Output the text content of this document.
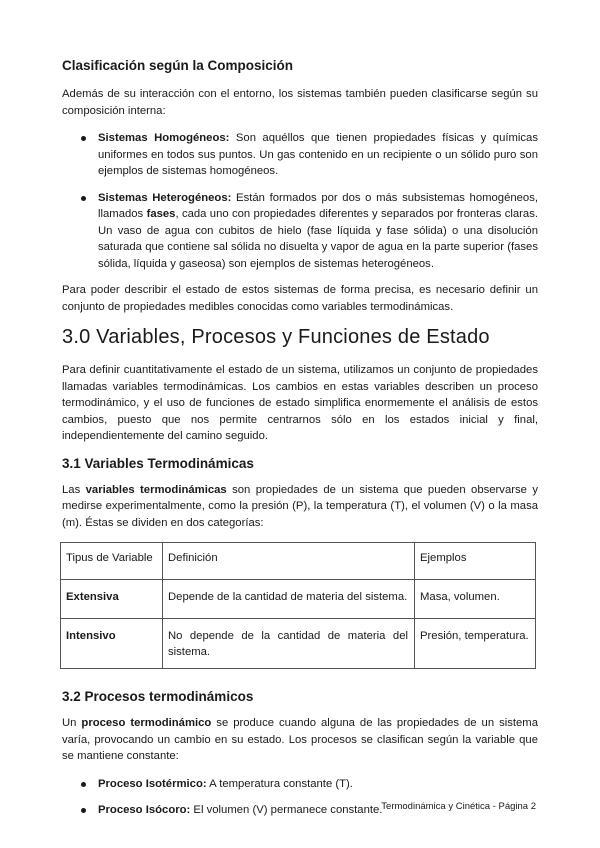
Clasificación según la Composición

Además de su interacción con el entorno, los sistemas también pueden clasificarse según su composición interna:

Sistemas Homogéneos: Son aquéllos que tienen propiedades físicas y químicas uniformes en todos sus puntos. Un gas contenido en un recipiente o un sólido puro son ejemplos de sistemas homogéneos.
Sistemas Heterogéneos: Están formados por dos o más subsistemas homogéneos, llamados fases, cada uno con propiedades diferentes y separados por fronteras claras. Un vaso de agua con cubitos de hielo (fase líquida y fase sólida) o una disolución saturada que contiene sal sólida no disuelta y vapor de agua en la parte superior (fases sólida, líquida y gaseosa) son ejemplos de sistemas heterogéneos.

Para poder describir el estado de estos sistemas de forma precisa, es necesario definir un conjunto de propiedades medibles conocidas como variables termodinámicas.

3.0 Variables, Procesos y Funciones de Estado

Para definir cuantitativamente el estado de un sistema, utilizamos un conjunto de propiedades llamadas variables termodinámicas. Los cambios en estas variables describen un proceso termodinámico, y el uso de funciones de estado simplifica enormemente el análisis de estos cambios, puesto que nos permite centrarnos sólo en los estados inicial y final, independientemente del camino seguido.

3.1 Variables Termodinámicas

Las variables termodinámicas son propiedades de un sistema que pueden observarse y medirse experimentalmente, como la presión (P), la temperatura (T), el volumen (V) o la masa (m). Éstas se dividen en dos categorías:

Tipus de Variable	Definición	Ejemplos
Extensiva	Depende de la cantidad de materia del sistema.	Masa, volumen.
Intensivo	No depende de la cantidad de materia del sistema.	Presión, temperatura.
3.2 Procesos termodinámicos

Un proceso termodinámico se produce cuando alguna de las propiedades de un sistema varía, provocando un cambio en su estado. Los procesos se clasifican según la variable que se mantiene constante:

Proceso Isotérmico: A temperatura constante (T).
Proceso Isócoro: El volumen (V) permanece constante.
Termodinámica y Cinética - Página 2
